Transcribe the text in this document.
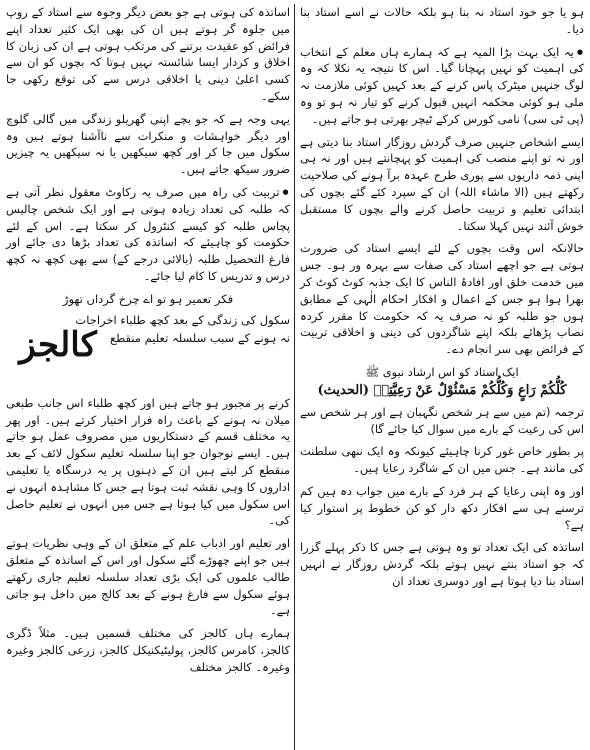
ہو یا جو خود استاد نہ بنا ہو بلکہ حالات نے اسے استاد بنا دیا۔

● یہ ایک بہت بڑا المیہ ہے کہ ہمارے ہاں معلم کے انتخاب کی اہمیت کو نہیں پہچانا گیا۔ اس کا نتیجہ یہ نکلا کہ وہ لوگ جنہیں میٹرک پاس کرنے کے بعد کہیں کوئی ملازمت نہ ملی ہو کوئی محکمہ انہیں قبول کرنے کو تیار نہ ہو تو وہ (پی ٹی سی) نامی کورس کرکے ٹیچر بھرتی ہو جاتے ہیں۔

ایسے اشخاص جنہیں صرف گردش روزگار استاد بنا دیتی ہے اور نہ تو اپنے منصب کی اہمیت کو پہچانتے ہیں اور نہ ہی اپنی ذمہ داریوں سے پوری طرح عہدہ برآ ہونے کی صلاحیت رکھتے ہیں (الا ماشاء اللہ) ان کے سپرد کئے گئے بچوں کی ابتدائی تعلیم و تربیت حاصل کرنے والے بچوں کا مستقبل خوش آئند نہیں کہلا سکتا۔

حالانکہ اس وقت بچوں کے لئے ایسے استاد کی ضرورت ہوتی ہے جو اچھے استاد کی صفات سے بہرہ ور ہو۔ جس میں خدمت خلق اور افادۂ الناس کا ایک جذبہ کوٹ کوٹ کر بھرا ہوا ہو جس کے اعمال و افکار احکام الٰہی کے مطابق ہوں جو طلبہ کو نہ صرف یہ کہ حکومت کا مقرر کردہ نصاب پڑھائے بلکہ اپنے شاگردوں کی دینی و اخلاقی تربیت کے فرائض بھی سر انجام دے۔

ایک استاد کو اس ارشاد نبوی ﷺ

کُلُّکُمْ رَاعٍ وَکُلُّکُمْ مَسْئُوْلٌ عَنْ رَعِیَّتِهٖ (الحدیث)

ترجمہ (تم میں سے ہر شخص نگہبان ہے اور ہر شخص سے اس کی رعیت کے بارے میں سوال کیا جائے گا)

پر بطور خاص غور کرنا چاہیئے کیونکہ وہ ایک ننھی سلطنت کی مانند ہے۔ جس میں ان کے شاگرد رعایا ہیں۔

اور وہ اپنی رعایا کے ہر فرد کے بارے میں جواب دہ ہیں کم ترسنے ہی سے افکار دکھ دار کو کن خطوط پر استوار کیا ہے؟

اساتذہ کی ایک تعداد تو وہ ہوتی ہے جس کا ذکر پہلے گزرا کہ جو استاد بنتے نہیں ہوتے بلکہ گردش روزگار نے انہیں استاد بنا دیا ہوتا ہے اور دوسری تعداد ان

اساتذہ کی ہوتی ہے جو بعض دیگر وجوہ سے استاد کے روپ میں جلوہ گر ہوتے ہیں ان کی بھی ایک کثیر تعداد اپنے فرائض کو عقیدت برتنے کی مرتکب ہوتی ہے ان کی زبان کا اخلاق و کردار ایسا شائستہ نہیں ہوتا کہ بچوں کو ان سے کسی اعلیٰ دینی یا اخلاقی درس سے کی توقع رکھی جا سکے۔

یہی وجہ ہے کہ جو بچے اپنی گھریلو زندگی میں گالی گلوچ اور دیگر خواہشات و منکرات سے ناآشنا ہوتے ہیں وہ سکول میں جا کر اور کچھ سیکھیں یا نہ سیکھیں یہ چیزیں ضرور سیکھ جاتے ہیں۔

● تربیت کی راہ میں صرف یہ رکاوٹ معقول نظر آتی ہے کہ طلبہ کی تعداد زیادہ ہوتی ہے اور ایک شخص چالیس پچاس طلبہ کو کیسے کنٹرول کر سکتا ہے۔ اس کے لئے حکومت کو چاہیئے کہ اساتذہ کی تعداد بڑھا دی جائے اور فارغ التحصیل طلبہ (بالائی درجے کے) سے بھی کچھ نہ کچھ درس و تدریس کا کام لیا جائے۔

فکر تعمیر ہو تو اے چرخ گرداں تھوڑ
کالجز
سکول کی زندگی کے بعد کچھ طلباء اخراجات
نہ ہونے کے سبب سلسلہ تعلیم منقطع

کرنے پر مجبور ہو جاتے ہیں اور کچھ طلباء اس جانب طبعی میلان نہ ہونے کے باعث راہ فرار اختیار کرتے ہیں۔ اور پھر یہ مختلف قسم کے دستکاریوں میں مصروف عمل ہو جاتے ہیں۔ ایسے نوجوان جو اپنا سلسلہ تعلیم سکول لائف کے بعد منقطع کر لیتے ہیں ان کے ذہنوں پر یہ درسگاہ یا تعلیمی اداروں کا وہی نقشہ ثبت ہوتا ہے جس کا مشاہدہ انہوں نے اس سکول میں کیا ہوتا ہے جس میں انہوں نے تعلیم حاصل کی۔

اور تعلیم اور ادباب علم کے متعلق ان کے وہی نظریات ہوتے ہیں جو اپنے چھوڑے گئے سکول اور اس کے اساتذہ کے متعلق طالب علموں کی ایک بڑی تعداد سلسلہ تعلیم جاری رکھتے ہوئے سکول سے فارغ ہونے کے بعد کالج میں داخل ہو جاتی ہے۔

ہمارے ہاں کالجز کی مختلف قسمیں ہیں۔ مثلاً ڈگری کالجز، کامرس کالجز، پولیٹیکنیکل کالجز، زرعی کالجز وغیرہ وغیرہ۔ کالجز مختلف
